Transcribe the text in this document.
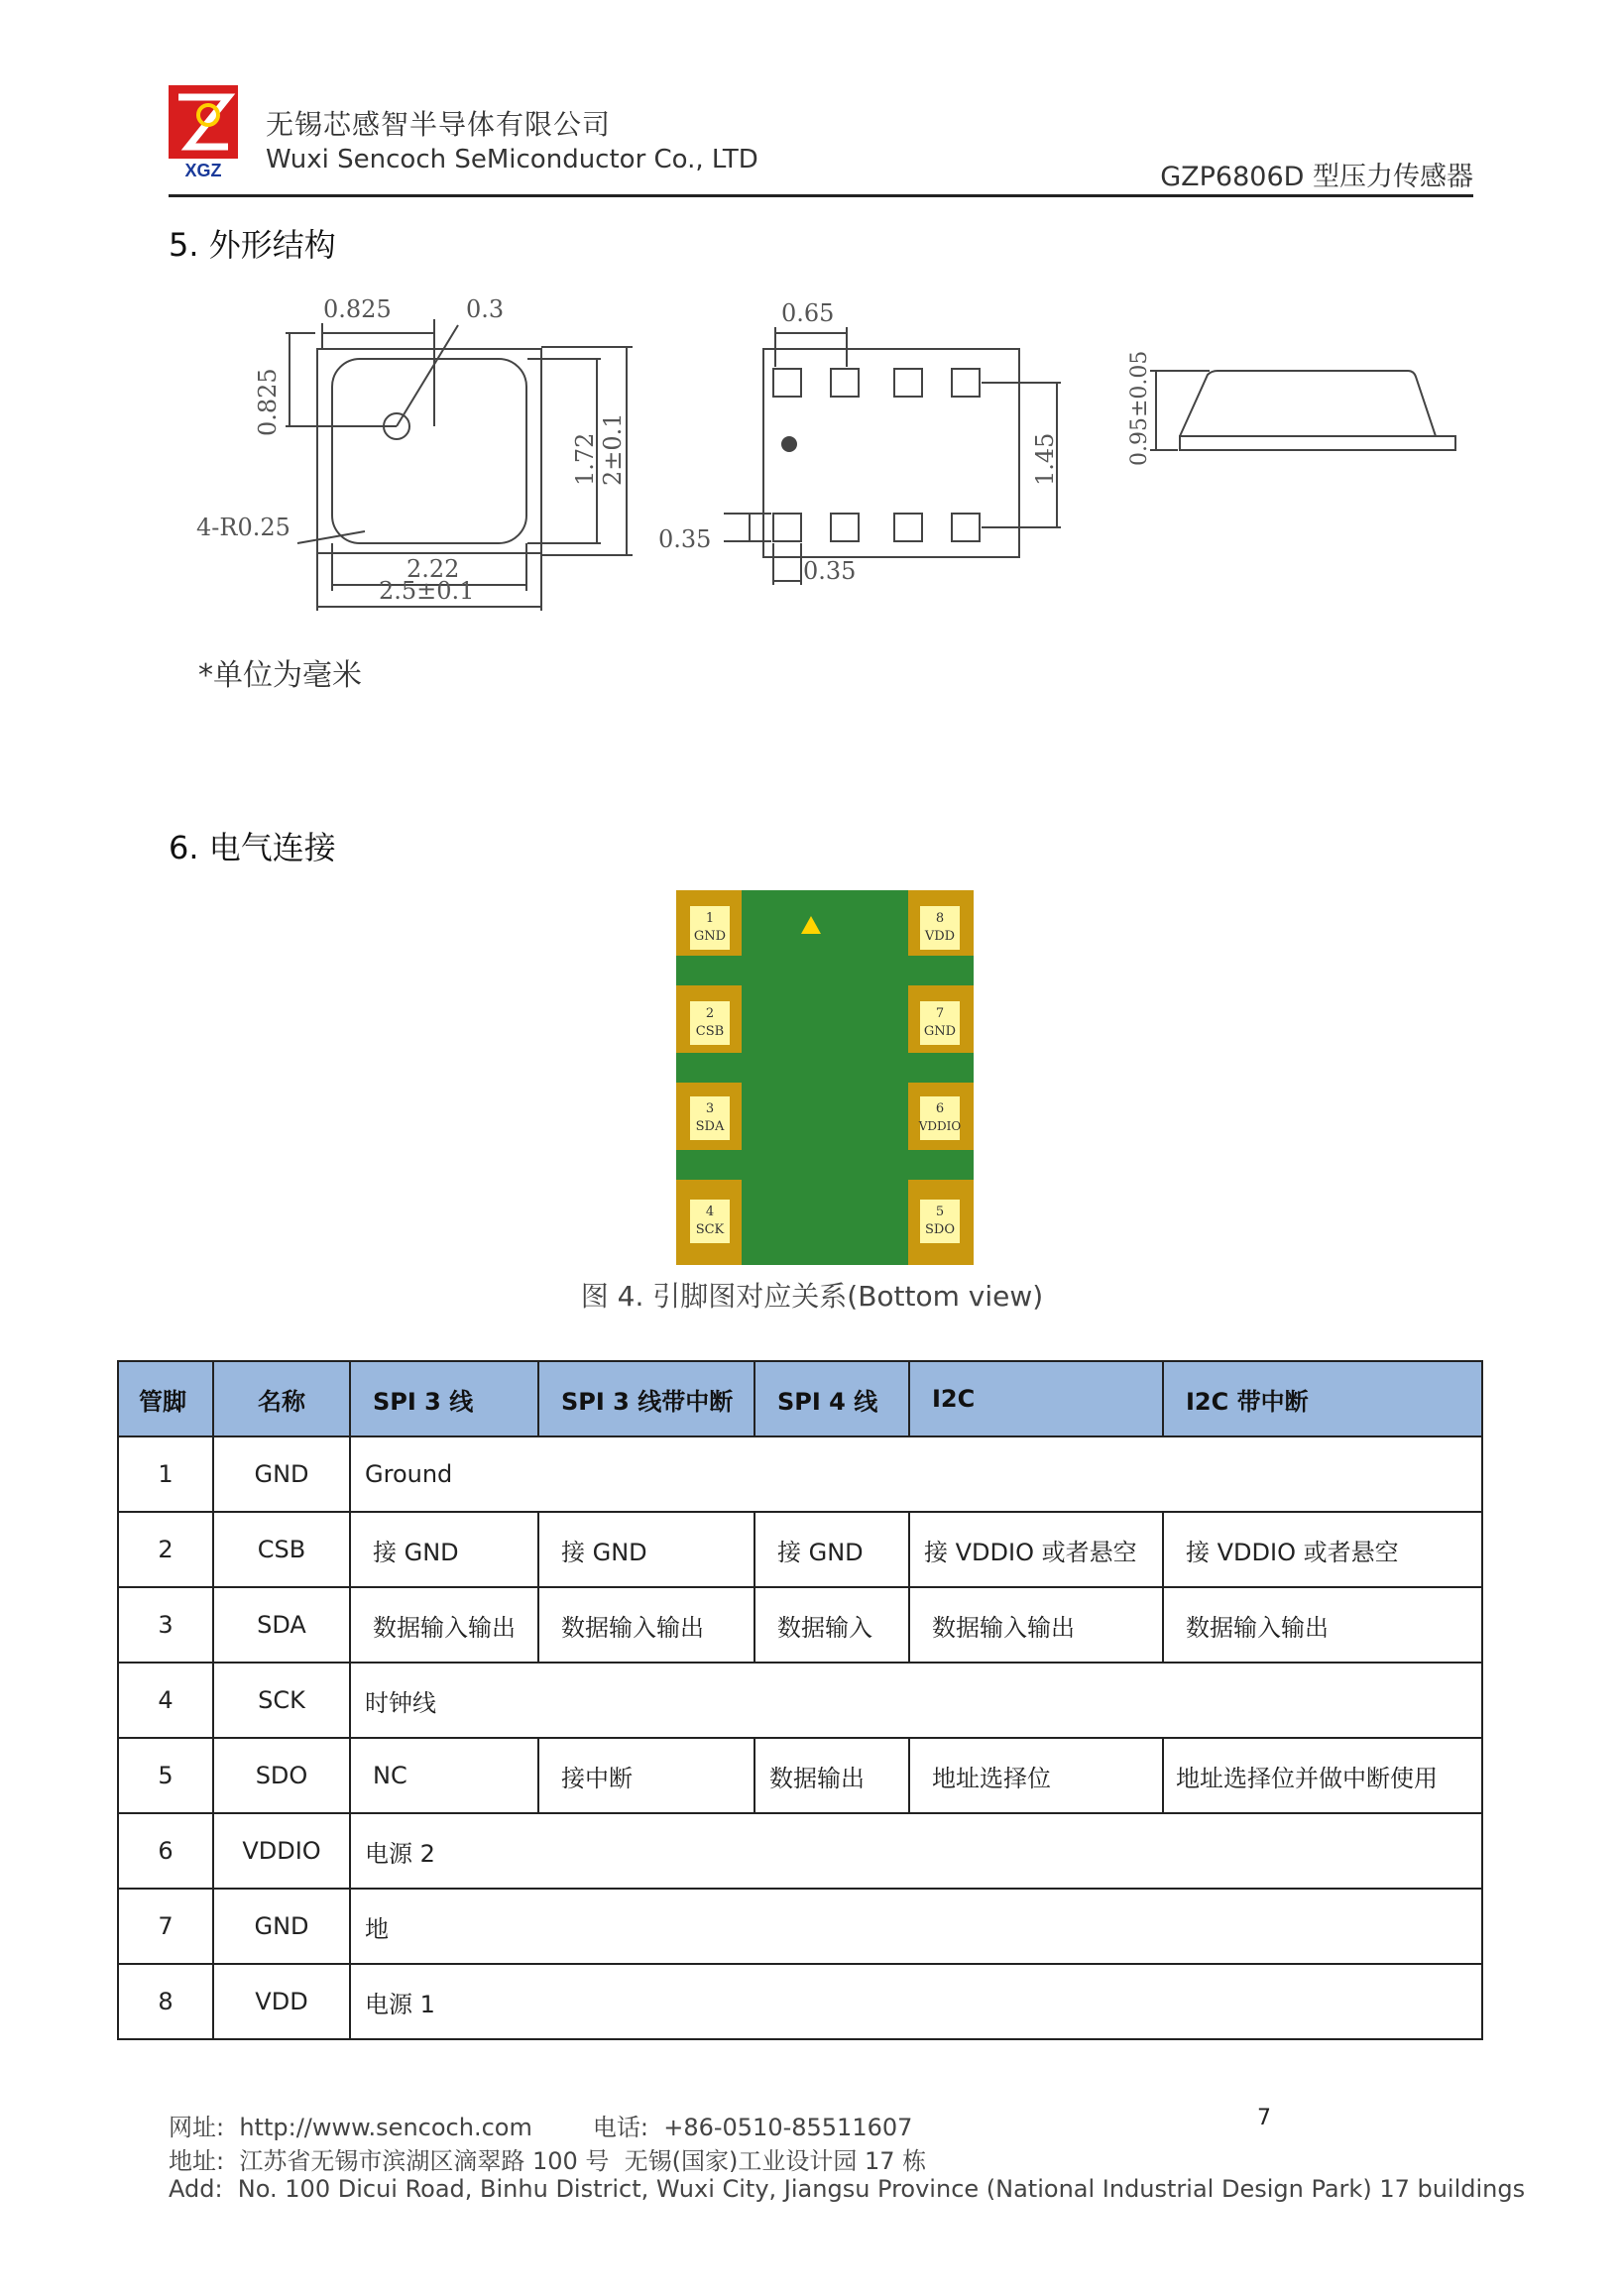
XGZ
无锡芯感智半导体有限公司
Wuxi Sencoch SeMiconductor Co., LTD
GZP6806D 型压力传感器
5. 外形结构
0.825	0.3
0.825
1.72 2±0.1
4-R0.25
2.22
2.5±0.1
0.65
1.45
0.35
0.35
0.95±0.05
*单位为毫米
6. 电气连接
1
GND
2
CSB
3
SDA
4
SCK
8
VDD
7
GND
6
VDDIO
5
SDO
图 4. 引脚图对应关系(Bottom view)
管脚	名称	SPI 3 线	SPI 3 线带中断	SPI 4 线	I2C	I2C 带中断
1	GND	Ground				
2	CSB	接 GND	接 GND	接 GND	接 VDDIO 或者悬空	接 VDDIO 或者悬空
3	SDA	数据输入输出	数据输入输出	数据输入	数据输入输出	数据输入输出
4	SCK	时钟线				
5	SDO	NC	接中断	数据输出	地址选择位	地址选择位并做中断使用
6	VDDIO	电源 2				
7	GND	地				
8	VDD	电源 1				
网址:  http://www.sencoch.com        电话:  +86-0510-85511607	7
地址:  江苏省无锡市滨湖区滴翠路 100 号  无锡(国家)工业设计园 17 栋
Add:  No. 100 Dicui Road, Binhu District, Wuxi City, Jiangsu Province (National Industrial Design Park) 17 buildings
